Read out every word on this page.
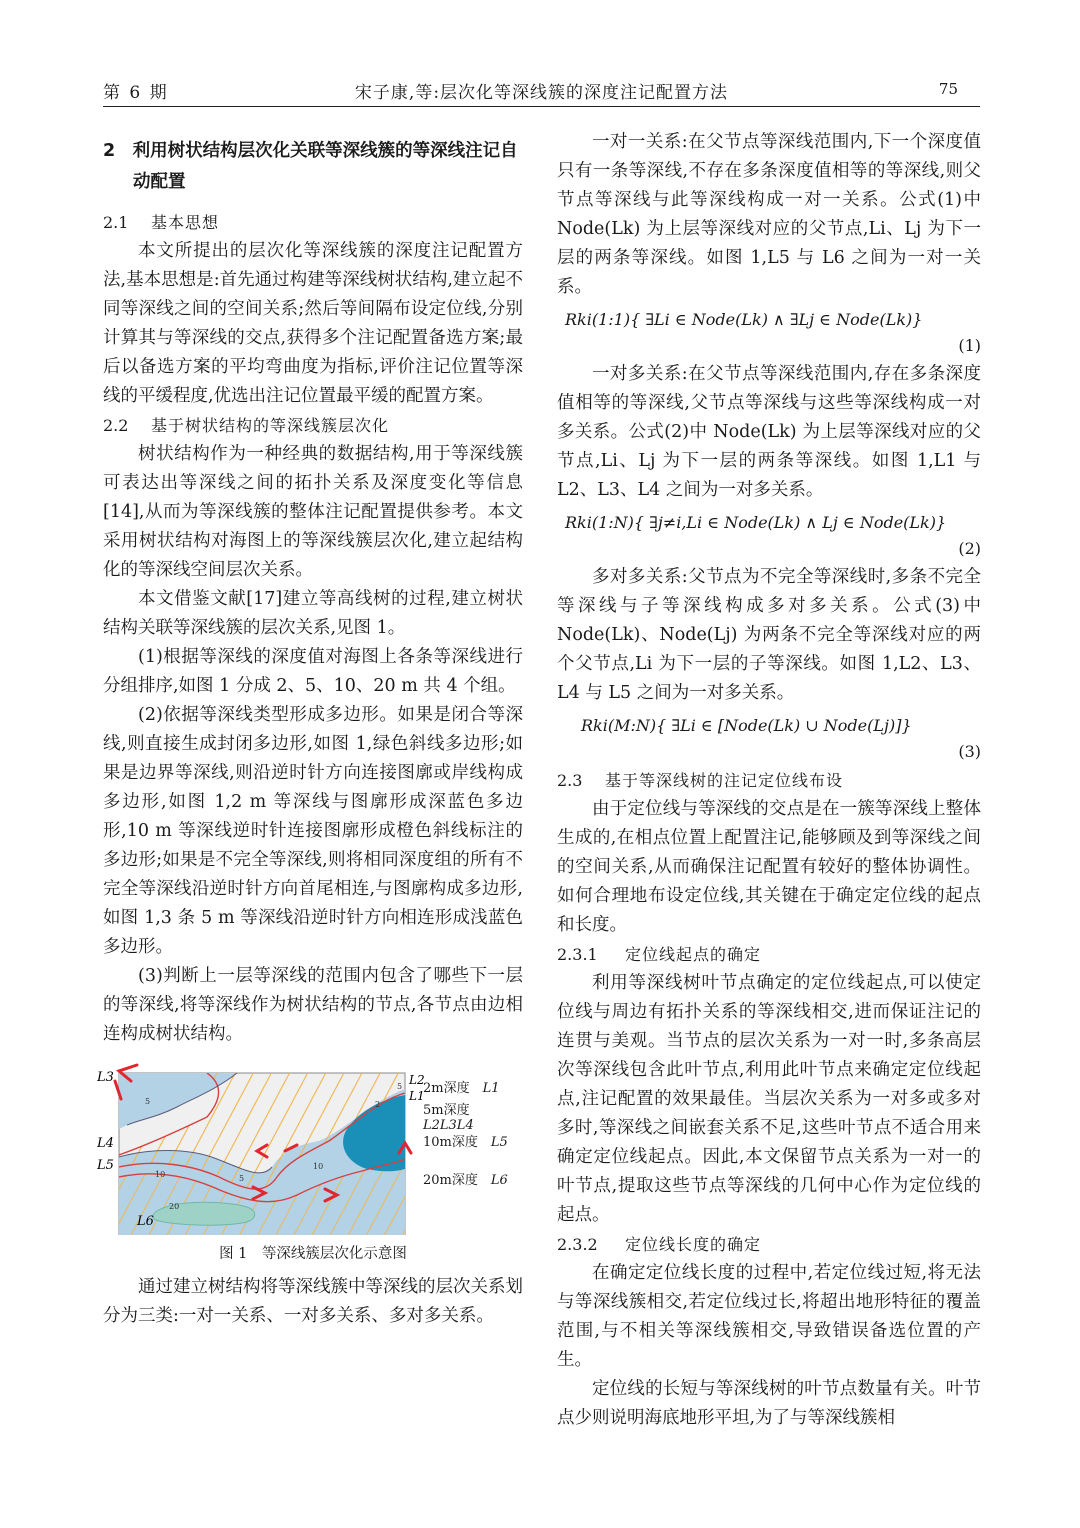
第 6 期	宋子康,等:层次化等深线簇的深度注记配置方法	75
2　利用树状结构层次化关联等深线簇的等深线注记自动配置

2.1 基本思想

本文所提出的层次化等深线簇的深度注记配置方法,基本思想是:首先通过构建等深线树状结构,建立起不同等深线之间的空间关系;然后等间隔布设定位线,分别计算其与等深线的交点,获得多个注记配置备选方案;最后以备选方案的平均弯曲度为指标,评价注记位置等深线的平缓程度,优选出注记位置最平缓的配置方案。

2.2 基于树状结构的等深线簇层次化

树状结构作为一种经典的数据结构,用于等深线簇可表达出等深线之间的拓扑关系及深度变化等信息[14],从而为等深线簇的整体注记配置提供参考。本文采用树状结构对海图上的等深线簇层次化,建立起结构化的等深线空间层次关系。

本文借鉴文献[17]建立等高线树的过程,建立树状结构关联等深线簇的层次关系,见图 1。

(1)根据等深线的深度值对海图上各条等深线进行分组排序,如图 1 分成 2、5、10、20 m 共 4 个组。

(2)依据等深线类型形成多边形。如果是闭合等深线,则直接生成封闭多边形,如图 1,绿色斜线多边形;如果是边界等深线,则沿逆时针方向连接图廓或岸线构成多边形,如图 1,2 m 等深线与图廓形成深蓝色多边形,10 m 等深线逆时针连接图廓形成橙色斜线标注的多边形;如果是不完全等深线,则将相同深度组的所有不完全等深线沿逆时针方向首尾相连,与图廓构成多边形,如图 1,3 条 5 m 等深线沿逆时针方向相连形成浅蓝色多边形。

(3)判断上一层等深线的范围内包含了哪些下一层的等深线,将等深线作为树状结构的节点,各节点由边相连构成树状结构。

5	2
5
10	5
10
20
L3
L4
L5
L6
L2
L1
2m深度　 L1
5m深度　L2L3L4
10m深度　 L5
20m深度　 L6
图 1　等深线簇层次化示意图

通过建立树结构将等深线簇中等深线的层次关系划分为三类:一对一关系、一对多关系、多对多关系。

一对一关系:在父节点等深线范围内,下一个深度值只有一条等深线,不存在多条深度值相等的等深线,则父节点等深线与此等深线构成一对一关系。公式(1)中 Node(Lk) 为上层等深线对应的父节点,Li、Lj 为下一层的两条等深线。如图 1,L5 与 L6 之间为一对一关系。

Rki(1:1){ ∃Li ∈ Node(Lk) ∧ ∃Lj ∈ Node(Lk)}

(1)

一对多关系:在父节点等深线范围内,存在多条深度值相等的等深线,父节点等深线与这些等深线构成一对多关系。公式(2)中 Node(Lk) 为上层等深线对应的父节点,Li、Lj 为下一层的两条等深线。如图 1,L1 与 L2、L3、L4 之间为一对多关系。

Rki(1:N){ ∃j≠i,Li ∈ Node(Lk) ∧ Lj ∈ Node(Lk)}

(2)

多对多关系:父节点为不完全等深线时,多条不完全等深线与子等深线构成多对多关系。公式(3)中 Node(Lk)、Node(Lj) 为两条不完全等深线对应的两个父节点,Li 为下一层的子等深线。如图 1,L2、L3、L4 与 L5 之间为一对多关系。

Rki(M:N){ ∃Li ∈ [Node(Lk) ∪ Node(Lj)]}

(3)

2.3 基于等深线树的注记定位线布设

由于定位线与等深线的交点是在一簇等深线上整体生成的,在相点位置上配置注记,能够顾及到等深线之间的空间关系,从而确保注记配置有较好的整体协调性。如何合理地布设定位线,其关键在于确定定位线的起点和长度。

2.3.1 定位线起点的确定

利用等深线树叶节点确定的定位线起点,可以使定位线与周边有拓扑关系的等深线相交,进而保证注记的连贯与美观。当节点的层次关系为一对一时,多条高层次等深线包含此叶节点,利用此叶节点来确定定位线起点,注记配置的效果最佳。当层次关系为一对多或多对多时,等深线之间嵌套关系不足,这些叶节点不适合用来确定定位线起点。因此,本文保留节点关系为一对一的叶节点,提取这些节点等深线的几何中心作为定位线的起点。

2.3.2 定位线长度的确定

在确定定位线长度的过程中,若定位线过短,将无法与等深线簇相交,若定位线过长,将超出地形特征的覆盖范围,与不相关等深线簇相交,导致错误备选位置的产生。

定位线的长短与等深线树的叶节点数量有关。叶节点少则说明海底地形平坦,为了与等深线簇相
